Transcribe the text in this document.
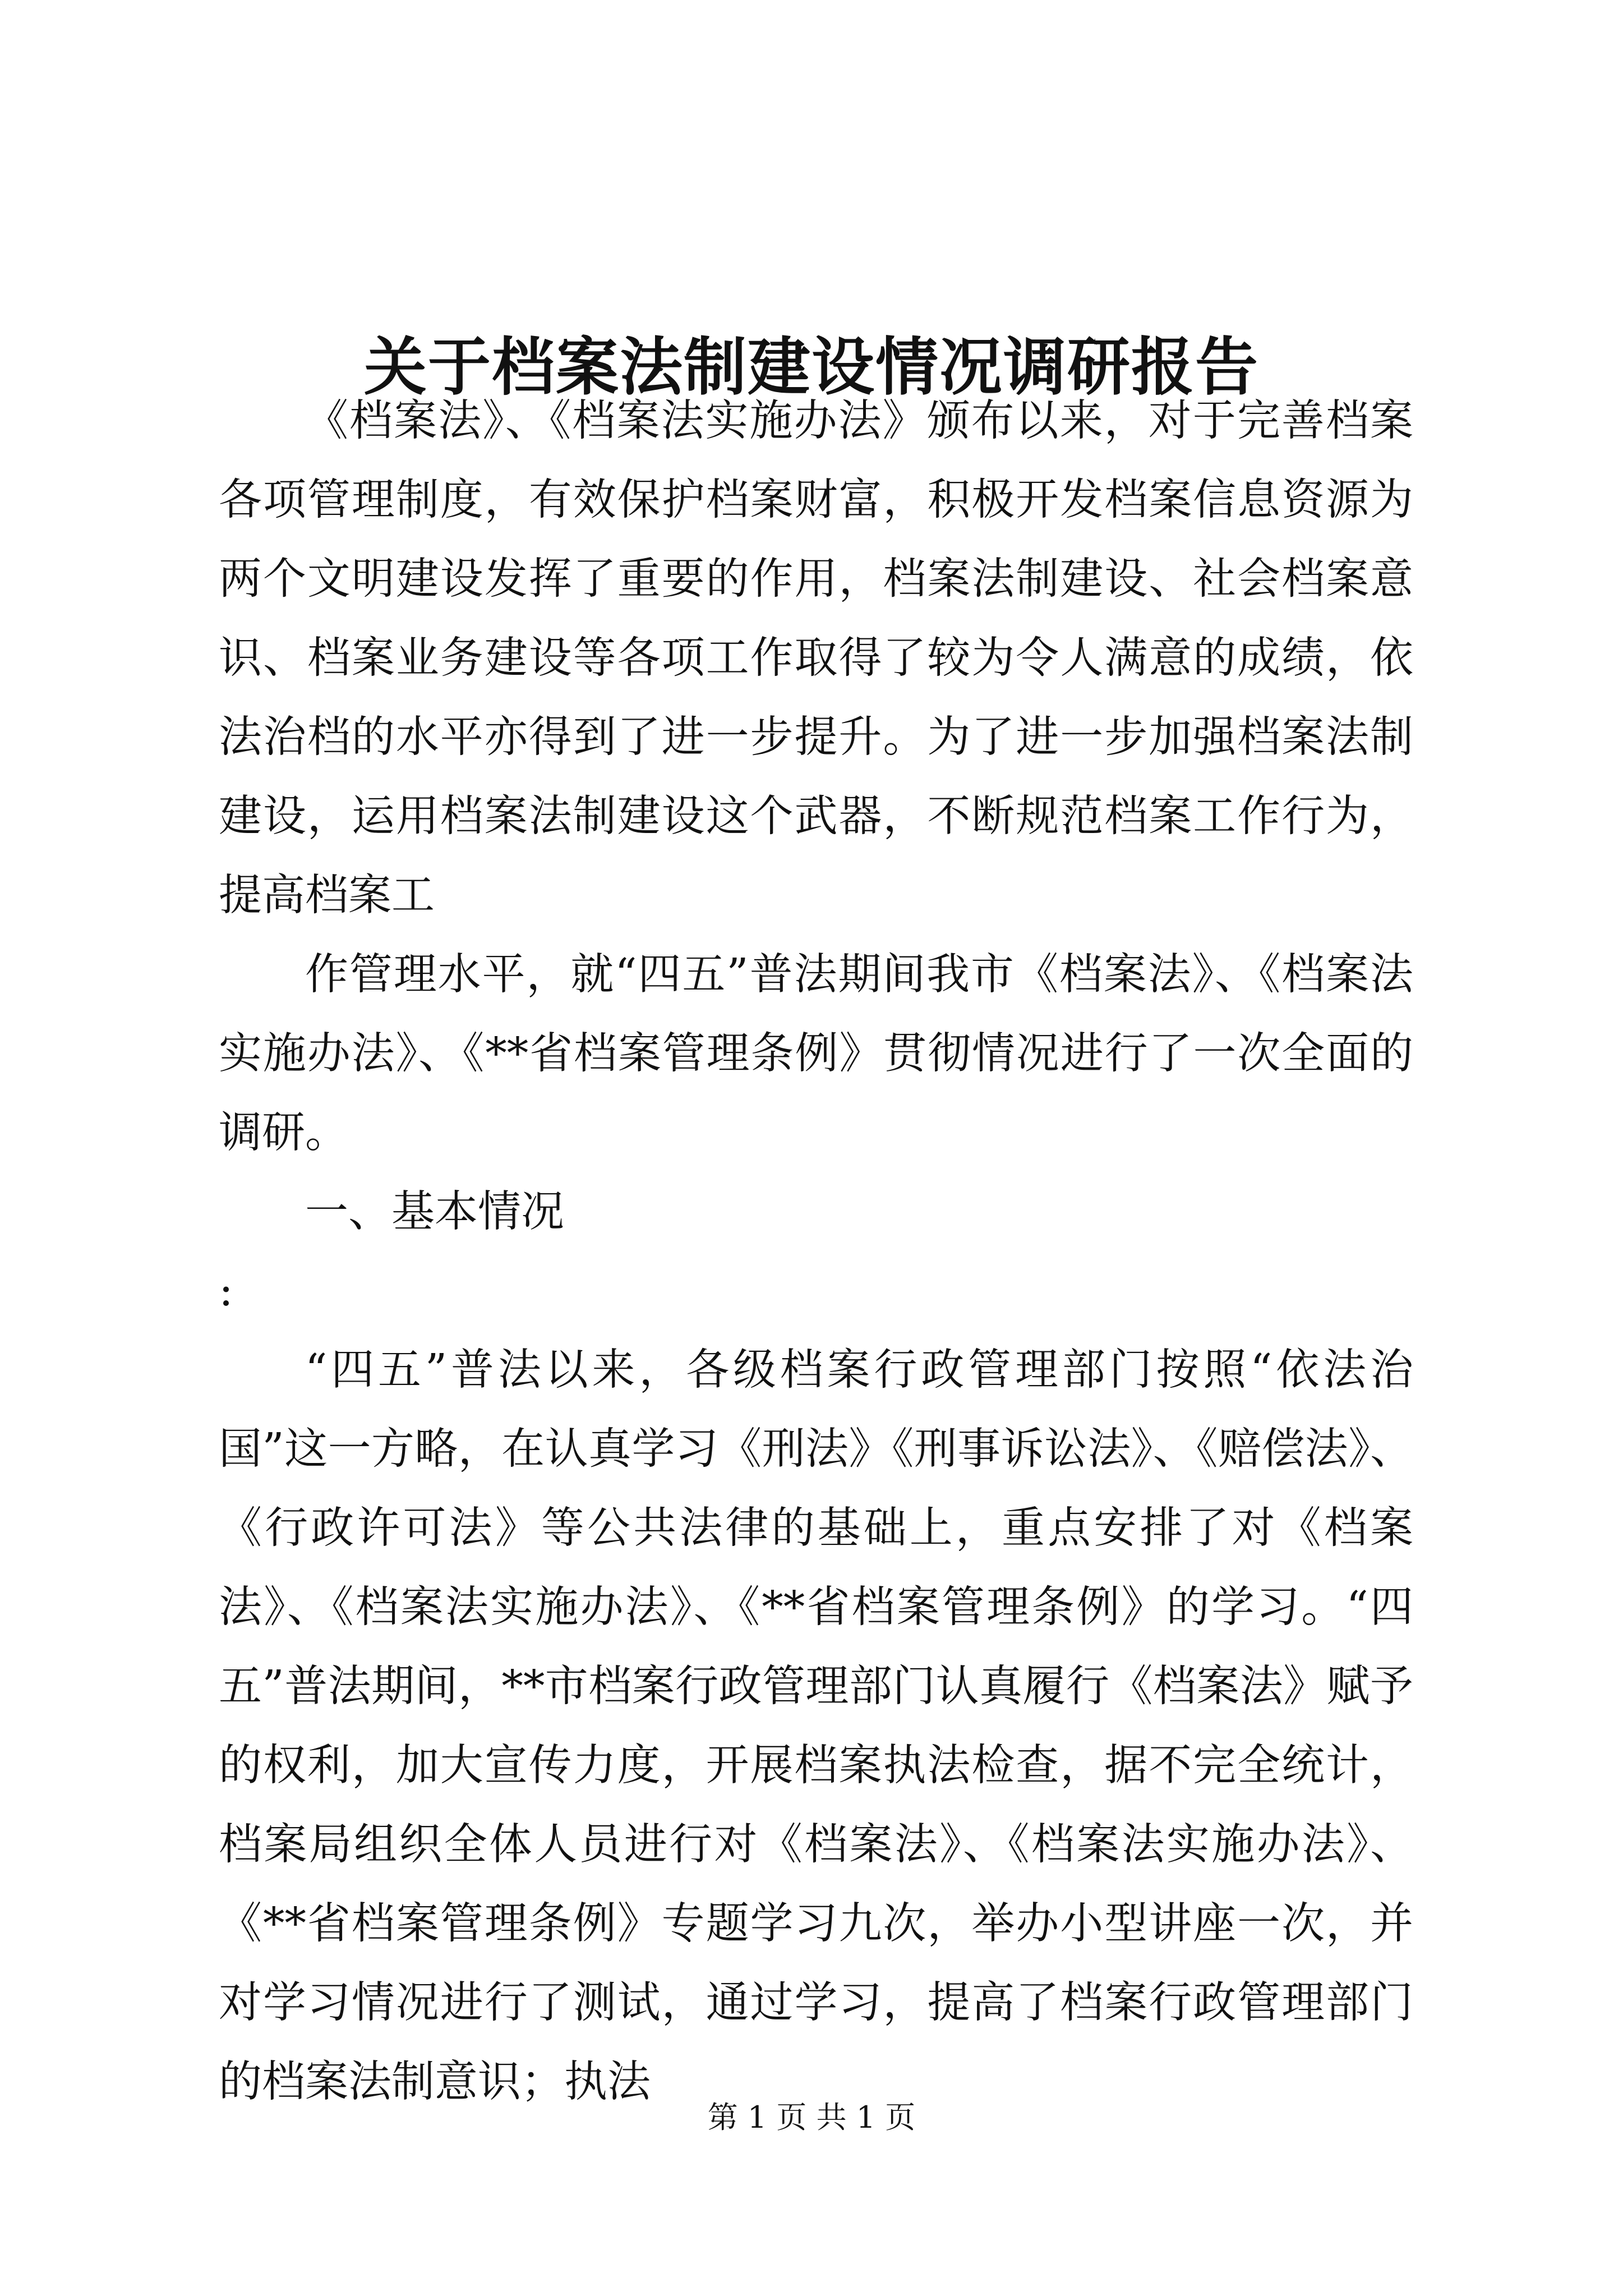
关于档案法制建设情况调研报告

《档案法》、《档案法实施办法》颁布以来，对于完善档案各项管理制度，有效保护档案财富，积极开发档案信息资源为两个文明建设发挥了重要的作用，档案法制建设、社会档案意识、档案业务建设等各项工作取得了较为令人满意的成绩，依法治档的水平亦得到了进一步提升。为了进一步加强档案法制建设，运用档案法制建设这个武器，不断规范档案工作行为，提高档案工

作管理水平，就“四五”普法期间我市《档案法》、《档案法实施办法》、《**省档案管理条例》贯彻情况进行了一次全面的调研。

一、基本情况

:

“四五”普法以来，各级档案行政管理部门按照“依法治国”这一方略，在认真学习《刑法》《刑事诉讼法》、《赔偿法》、《行政许可法》等公共法律的基础上，重点安排了对《档案法》、《档案法实施办法》、《**省档案管理条例》的学习。“四五”普法期间，**市档案行政管理部门认真履行《档案法》赋予的权利，加大宣传力度，开展档案执法检查，据不完全统计，档案局组织全体人员进行对《档案法》、《档案法实施办法》、《**省档案管理条例》专题学习九次，举办小型讲座一次，并对学习情况进行了测试，通过学习，提高了档案行政管理部门的档案法制意识；执法

第 1 页 共 1 页
